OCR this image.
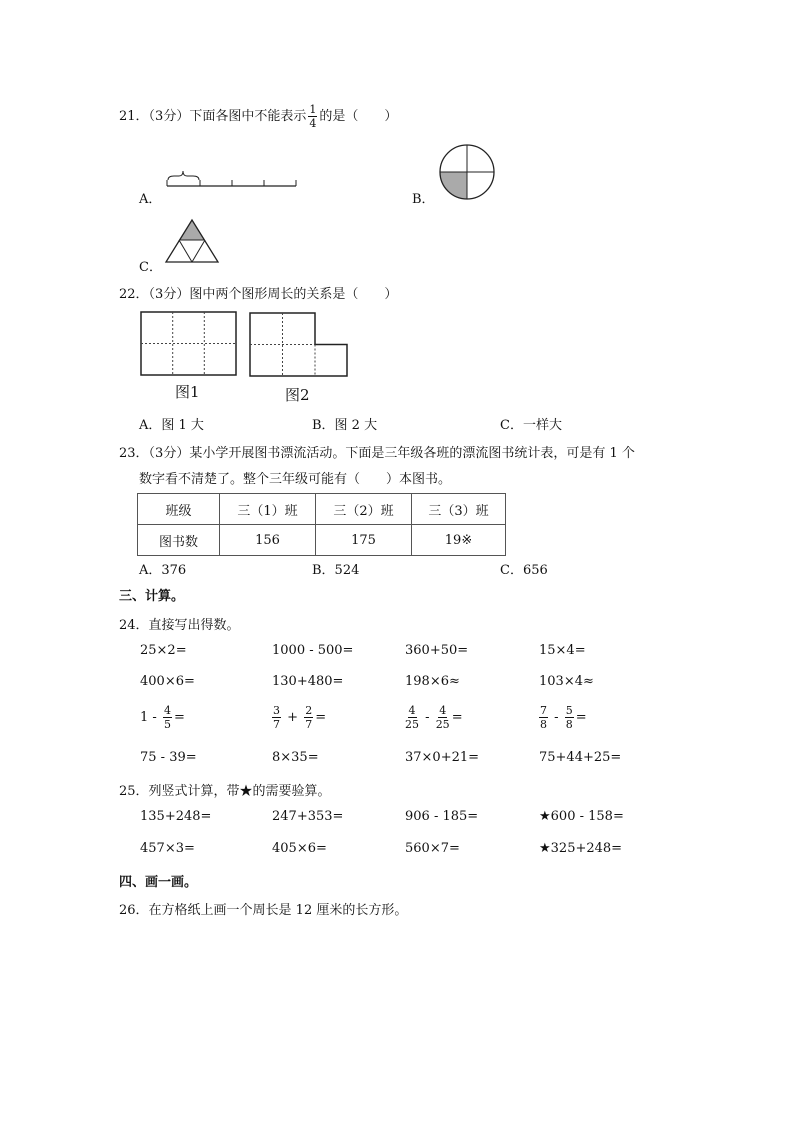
21．（3分）下面各图中不能表示 $\frac{1}{4}$ 的是（　　）
A．	B．
C．
22．（3分）图中两个图形周长的关系是（　　）
图1	图2
A．图 1 大	B．图 2 大	C．一样大
23．（3分）某小学开展图书漂流活动。下面是三年级各班的漂流图书统计表，可是有 1 个
数字看不清楚了。整个三年级可能有（　　）本图书。
班级	三（1）班	三（2）班	三（3）班
图书数	156	175	19※
A．376	B．524	C．656
三、计算。
24．直接写出得数。
25×2=	1000 - 500=	360+50=	15×4=
400×6=	130+480=	198×6≈	103×4≈
$1 - \frac{4}{5}$ =	$\frac{3}{7} + \frac{2}{7}$ =	$\frac{4}{25} - \frac{4}{25}$ =	$\frac{7}{8} - \frac{5}{8}$ =
75 - 39=	8×35=	37×0+21=	75+44+25=
25．列竖式计算，带★的需要验算。
135+248=	247+353=	906 - 185=	★600 - 158=
457×3=	405×6=	560×7=	★325+248=
四、画一画。
26．在方格纸上画一个周长是 12 厘米的长方形。
